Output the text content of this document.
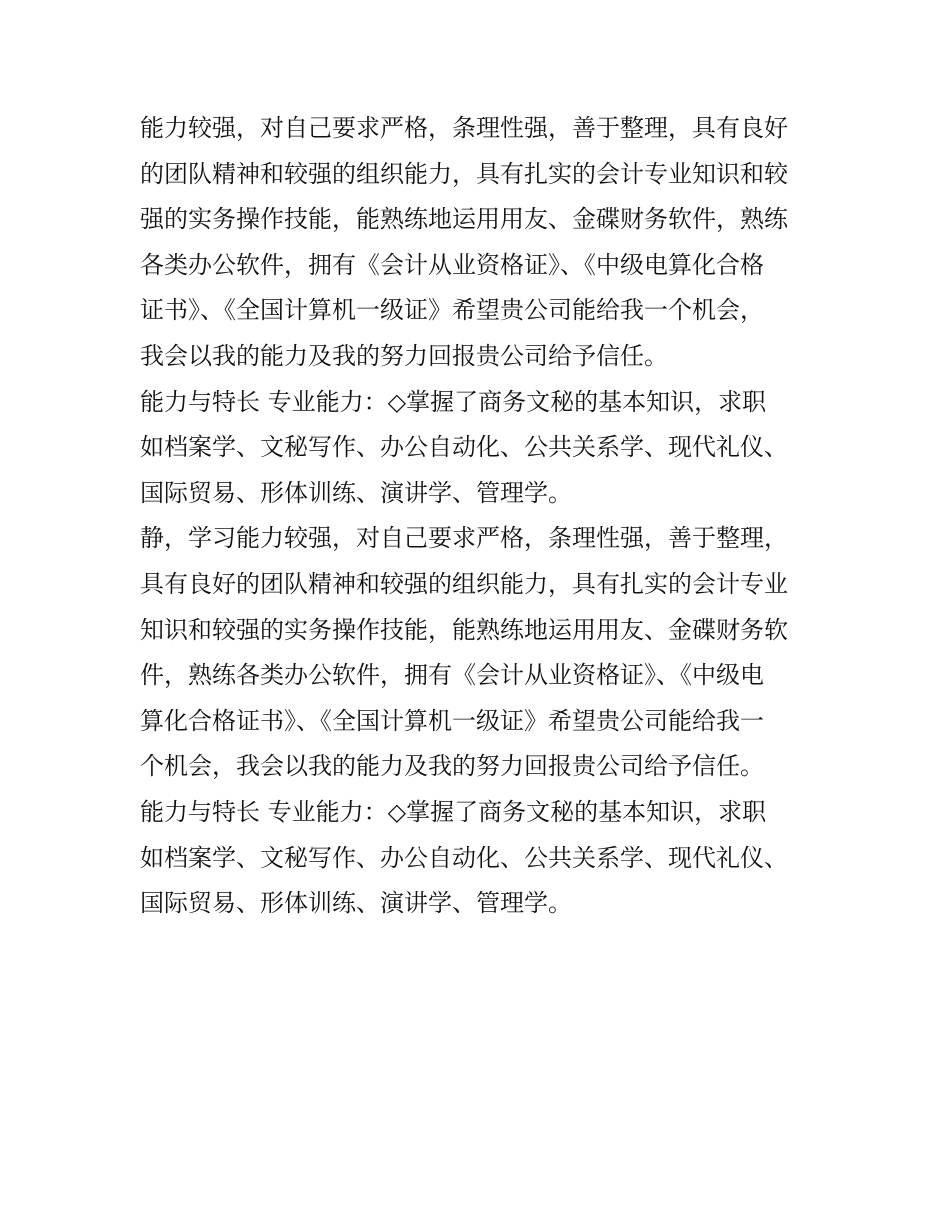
能力较强，对自己要求严格，条理性强，善于整理，具有良好
的团队精神和较强的组织能力，具有扎实的会计专业知识和较
强的实务操作技能，能熟练地运用用友、金碟财务软件，熟练
各类办公软件，拥有《会计从业资格证》、《中级电算化合格
证书》、《全国计算机一级证》希望贵公司能给我一个机会，
我会以我的能力及我的努力回报贵公司给予信任。
能力与特长 专业能力：◇掌握了商务文秘的基本知识，求职
如档案学、文秘写作、办公自动化、公共关系学、现代礼仪、
国际贸易、形体训练、演讲学、管理学。
静，学习能力较强，对自己要求严格，条理性强，善于整理，
具有良好的团队精神和较强的组织能力，具有扎实的会计专业
知识和较强的实务操作技能，能熟练地运用用友、金碟财务软
件，熟练各类办公软件，拥有《会计从业资格证》、《中级电
算化合格证书》、《全国计算机一级证》希望贵公司能给我一
个机会，我会以我的能力及我的努力回报贵公司给予信任。
能力与特长 专业能力：◇掌握了商务文秘的基本知识，求职
如档案学、文秘写作、办公自动化、公共关系学、现代礼仪、
国际贸易、形体训练、演讲学、管理学。
